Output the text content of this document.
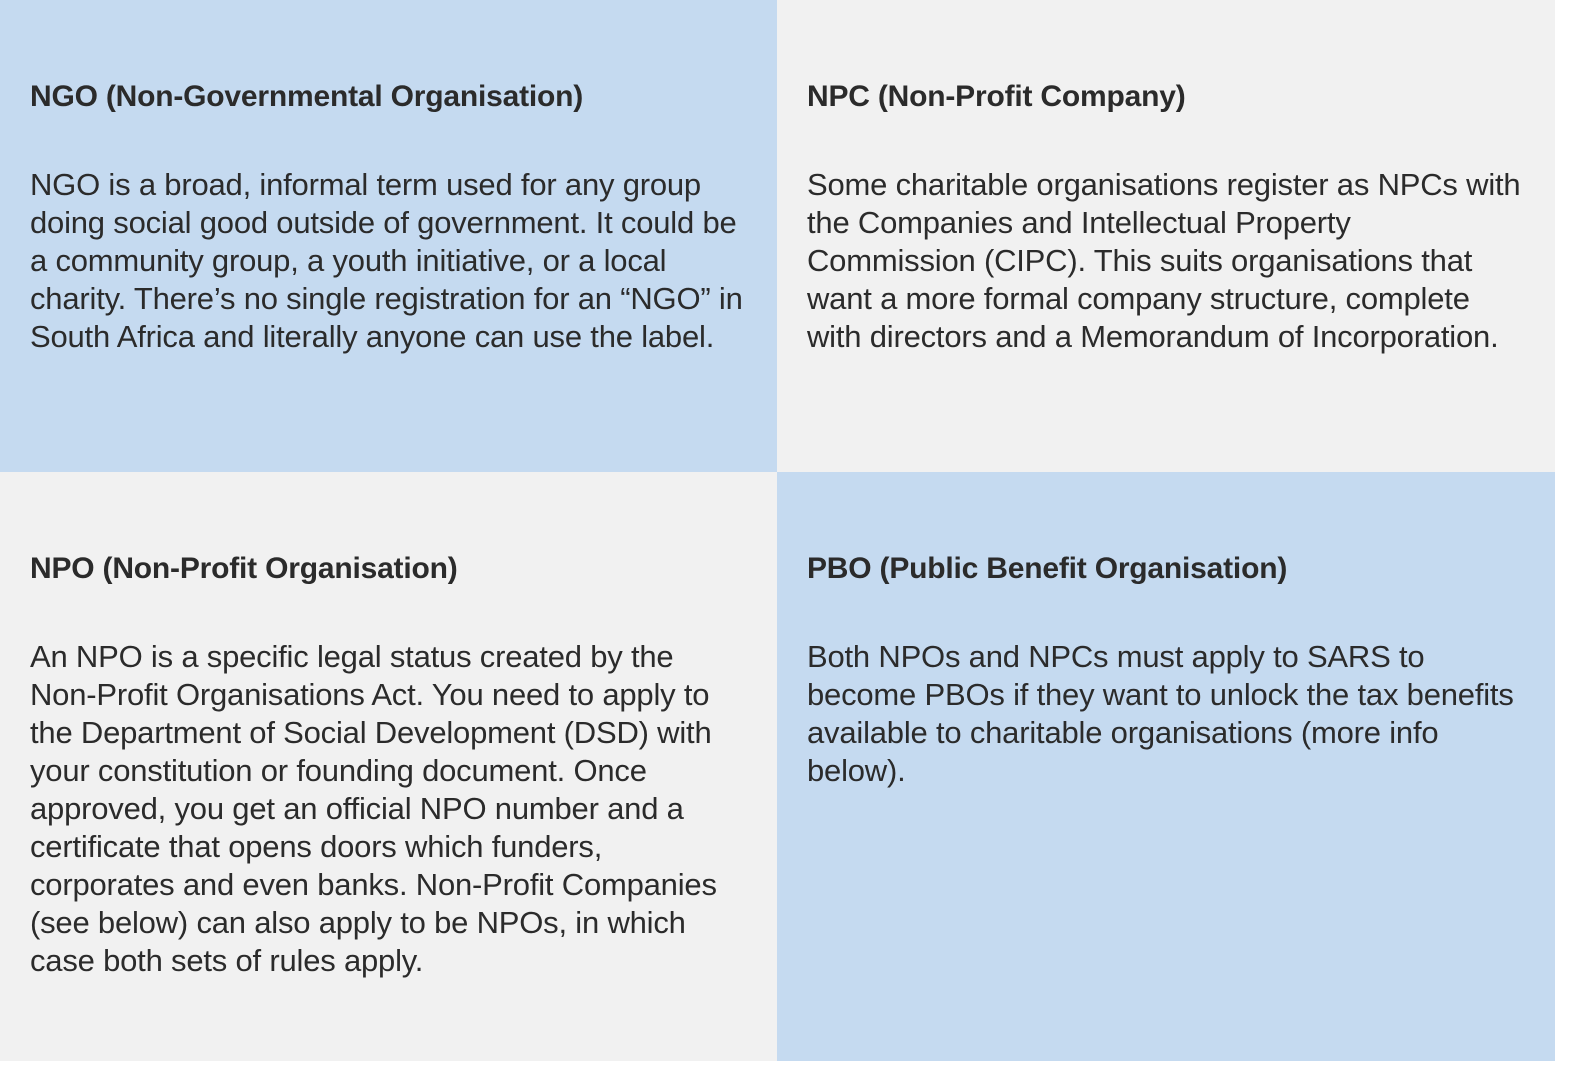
NGO (Non-Governmental Organisation)

NGO is a broad, informal term used for any group doing social good outside of government. It could be a community group, a youth initiative, or a local charity. There’s no single registration for an “NGO” in South Africa and literally anyone can use the label.

NPC (Non-Profit Company)

Some charitable organisations register as NPCs with the Companies and Intellectual Property Commission (CIPC). This suits organisations that want a more formal company structure, complete with directors and a Memorandum of Incorporation.

NPO (Non-Profit Organisation)

An NPO is a specific legal status created by the Non-Profit Organisations Act. You need to apply to the Department of Social Development (DSD) with your constitution or founding document. Once approved, you get an official NPO number and a certificate that opens doors which funders, corporates and even banks. Non-Profit Companies (see below) can also apply to be NPOs, in which case both sets of rules apply.

PBO (Public Benefit Organisation)

Both NPOs and NPCs must apply to SARS to become PBOs if they want to unlock the tax benefits available to charitable organisations (more info below).
